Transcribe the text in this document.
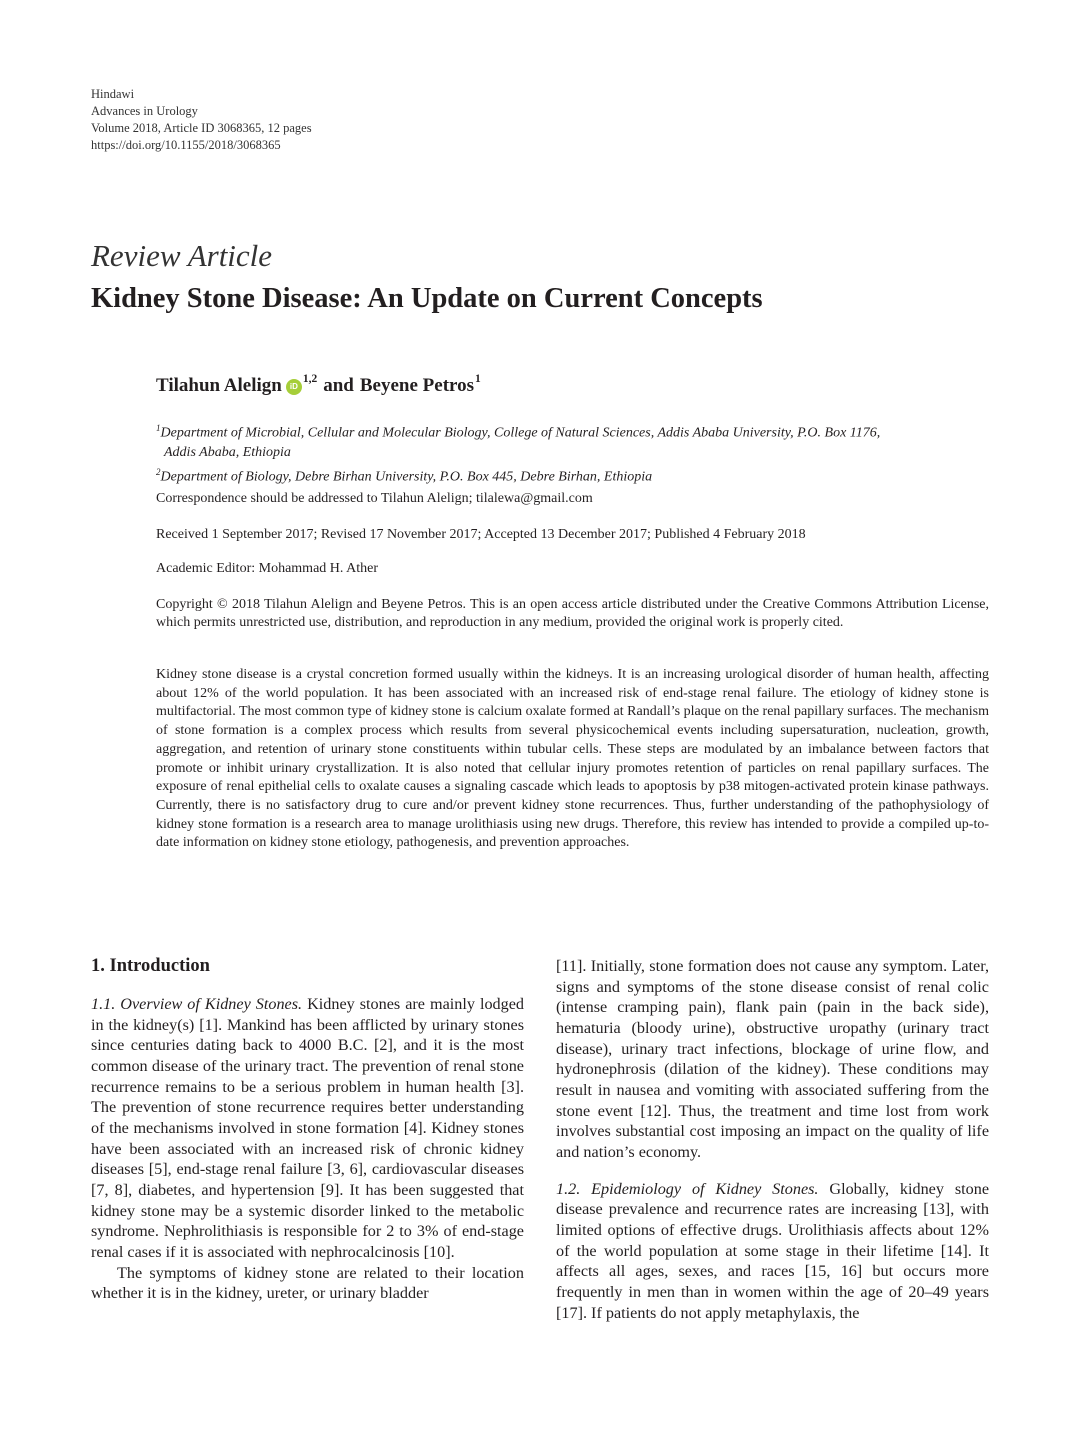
Hindawi
Advances in Urology
Volume 2018, Article ID 3068365, 12 pages
https://doi.org/10.1155/2018/3068365
Review Article
Kidney Stone Disease: An Update on Current Concepts
Tilahun Alelign	iD
$^{1,2}$ and Beyene Petros$^1$
$^1$Department of Microbial, Cellular and Molecular Biology, College of Natural Sciences, Addis Ababa University, P.O. Box 1176,
Addis Ababa, Ethiopia
$^2$Department of Biology, Debre Birhan University, P.O. Box 445, Debre Birhan, Ethiopia
Correspondence should be addressed to Tilahun Alelign; tilalewa@gmail.com
Received 1 September 2017; Revised 17 November 2017; Accepted 13 December 2017; Published 4 February 2018
Academic Editor: Mohammad H. Ather
Copyright © 2018 Tilahun Alelign and Beyene Petros. This is an open access article distributed under the Creative Commons Attribution License, which permits unrestricted use, distribution, and reproduction in any medium, provided the original work is properly cited.
Kidney stone disease is a crystal concretion formed usually within the kidneys. It is an increasing urological disorder of human health, affecting about 12% of the world population. It has been associated with an increased risk of end-stage renal failure. The etiology of kidney stone is multifactorial. The most common type of kidney stone is calcium oxalate formed at Randall’s plaque on the renal papillary surfaces. The mechanism of stone formation is a complex process which results from several physicochemical events including supersaturation, nucleation, growth, aggregation, and retention of urinary stone constituents within tubular cells. These steps are modulated by an imbalance between factors that promote or inhibit urinary crystallization. It is also noted that cellular injury promotes retention of particles on renal papillary surfaces. The exposure of renal epithelial cells to oxalate causes a signaling cascade which leads to apoptosis by p38 mitogen-activated protein kinase pathways. Currently, there is no satisfactory drug to cure and/or prevent kidney stone recurrences. Thus, further understanding of the pathophysiology of kidney stone formation is a research area to manage urolithiasis using new drugs. Therefore, this review has intended to provide a compiled up-to-date information on kidney stone etiology, pathogenesis, and prevention approaches.
1. Introduction

1.1. Overview of Kidney Stones. Kidney stones are mainly lodged in the kidney(s) [1]. Mankind has been afflicted by urinary stones since centuries dating back to 4000 B.C. [2], and it is the most common disease of the urinary tract. The prevention of renal stone recurrence remains to be a serious problem in human health [3]. The prevention of stone recurrence requires better understanding of the mechanisms involved in stone formation [4]. Kidney stones have been associated with an increased risk of chronic kidney diseases [5], end-stage renal failure [3, 6], cardiovascular diseases [7, 8], diabetes, and hypertension [9]. It has been suggested that kidney stone may be a systemic disorder linked to the metabolic syndrome. Nephrolithiasis is responsible for 2 to 3% of end-stage renal cases if it is associated with nephrocalcinosis [10].

The symptoms of kidney stone are related to their location whether it is in the kidney, ureter, or urinary bladder

[11]. Initially, stone formation does not cause any symptom. Later, signs and symptoms of the stone disease consist of renal colic (intense cramping pain), flank pain (pain in the back side), hematuria (bloody urine), obstructive uropathy (urinary tract disease), urinary tract infections, blockage of urine flow, and hydronephrosis (dilation of the kidney). These conditions may result in nausea and vomiting with associated suffering from the stone event [12]. Thus, the treatment and time lost from work involves substantial cost imposing an impact on the quality of life and nation’s economy.

1.2. Epidemiology of Kidney Stones. Globally, kidney stone disease prevalence and recurrence rates are increasing [13], with limited options of effective drugs. Urolithiasis affects about 12% of the world population at some stage in their lifetime [14]. It affects all ages, sexes, and races [15, 16] but occurs more frequently in men than in women within the age of 20–49 years [17]. If patients do not apply metaphylaxis, the
